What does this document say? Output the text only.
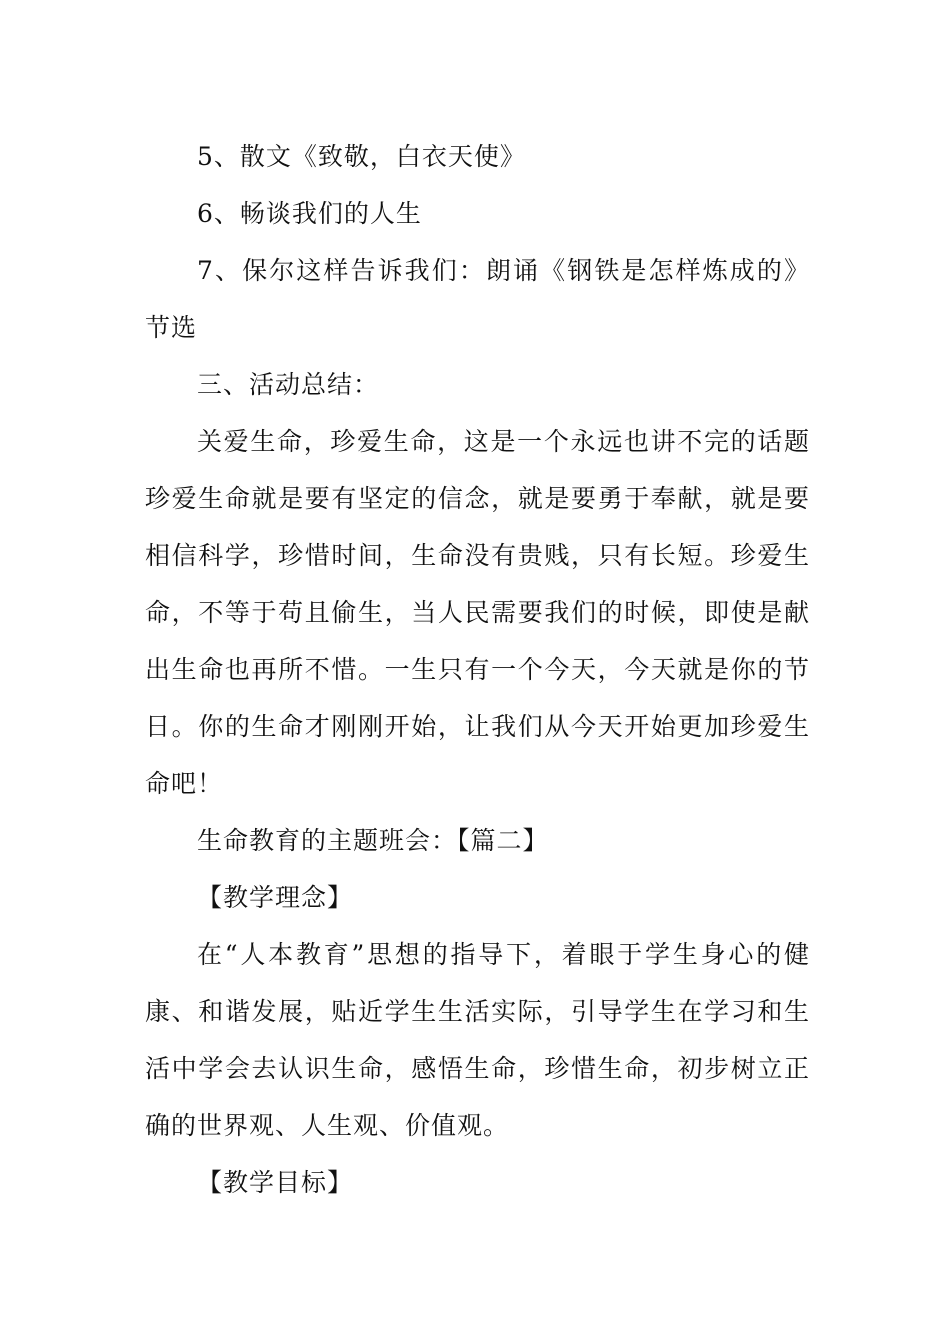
5、散文《致敬，白衣天使》

6、畅谈我们的人生

7、保尔这样告诉我们：朗诵《钢铁是怎样炼成的》节选

三、活动总结：

关爱生命，珍爱生命，这是一个永远也讲不完的话题珍爱生命就是要有坚定的信念，就是要勇于奉献，就是要相信科学，珍惜时间，生命没有贵贱，只有长短。珍爱生命，不等于苟且偷生，当人民需要我们的时候，即使是献出生命也再所不惜。一生只有一个今天，今天就是你的节日。你的生命才刚刚开始，让我们从今天开始更加珍爱生命吧！

生命教育的主题班会：【篇二】

【教学理念】

在“人本教育”思想的指导下，着眼于学生身心的健康、和谐发展，贴近学生生活实际，引导学生在学习和生活中学会去认识生命，感悟生命，珍惜生命，初步树立正确的世界观、人生观、价值观。

【教学目标】
